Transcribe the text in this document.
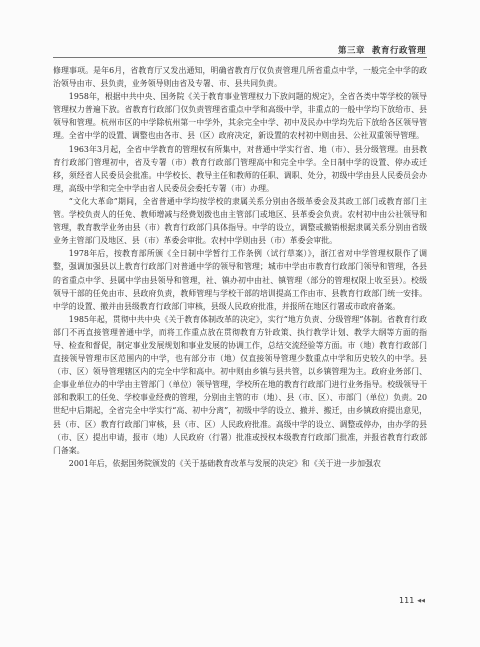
第三章 教育行政管理

修理事项。是年6月，省教育厅又发出通知，明确省教育厅仅负责管理几所省重点中学，一般完全中学的政治领导由市、县负责，业务领导则由省及专署、市、县共同负责。

1958年，根据中共中央、国务院《关于教育事业管理权力下放问题的规定》，全省各类中等学校的领导管理权力普遍下放。省教育行政部门仅负责管理省重点中学和高级中学，非重点的一般中学均下放给市、县领导和管理。杭州市区的中学除杭州第一中学外，其余完全中学、初中及民办中学均先后下放给各区领导管理。全省中学的设置、调整也由各市、县（区）政府决定，新设置的农村初中则由县、公社双重领导管理。

1963年3月起，全省中学教育的管理权有所集中，对普通中学实行省、地（市）、县分级管理。由县教育行政部门管理初中，省及专署（市）教育行政部门管理高中和完全中学。全日制中学的设置、停办或迁移，须经省人民委员会批准。中学校长、教导主任和教师的任职、调职、处分，初级中学由县人民委员会办理，高级中学和完全中学由省人民委员会委托专署（市）办理。

“文化大革命”期间，全省普通中学均按学校的隶属关系分别由各级革委会及其政工部门或教育部门主管。学校负责人的任免、教师增减与经费划拨也由主管部门或地区、县革委会负责。农村初中由公社领导和管理，教育教学业务由县（市）教育行政部门具体指导。中学的设立，调整或撤销根据隶属关系分别由省级业务主管部门及地区、县（市）革委会审批。农村中学则由县（市）革委会审批。

1978年后，按教育部所颁《全日制中学暂行工作条例（试行草案）》，浙江省对中学管理权限作了调整，强调加强县以上教育行政部门对普通中学的领导和管理；城市中学由市教育行政部门领导和管理，各县的省重点中学、县属中学由县领导和管理，社、镇办初中由社、镇管理（部分的管理权限上收至县）。校级领导干部的任免由市、县政府负责，教师管理与学校干部的培训提高工作由市、县教育行政部门统一安排。中学的设置、撤并由县级教育行政部门审核，县级人民政府批准，并报所在地区行署或市政府备案。

1985年起，贯彻中共中央《关于教育体制改革的决定》，实行“地方负责、分级管理”体制。省教育行政部门不再直接管理普通中学，而将工作重点放在贯彻教育方针政策、执行教学计划、教学大纲等方面的指导、检查和督促，制定事业发展规划和事业发展的协调工作，总结交流经验等方面。市（地）教育行政部门直接领导管理市区范围内的中学，也有部分市（地）仅直接领导管理少数重点中学和历史较久的中学。县（市、区）领导管理辖区内的完全中学和高中。初中则由乡镇与县共管，以乡镇管理为主。政府业务部门、企事业单位办的中学由主管部门（单位）领导管理，学校所在地的教育行政部门进行业务指导。校级领导干部和教职工的任免、学校事业经费的管理，分别由主管的市（地）、县（市、区）、市部门（单位）负责。20世纪中后期起，全省完全中学实行“高、初中分离”，初级中学的设立、撤并、搬迁，由乡镇政府提出意见，县（市、区）教育行政部门审核，县（市、区）人民政府批准。高级中学的设立、调整或停办，由办学的县（市、区）提出申请，报市（地）人民政府（行署）批准或授权本级教育行政部门批准，并报省教育行政部门备案。

2001年后，依据国务院颁发的《关于基础教育改革与发展的决定》和《关于进一步加强农

111 ◀◀
